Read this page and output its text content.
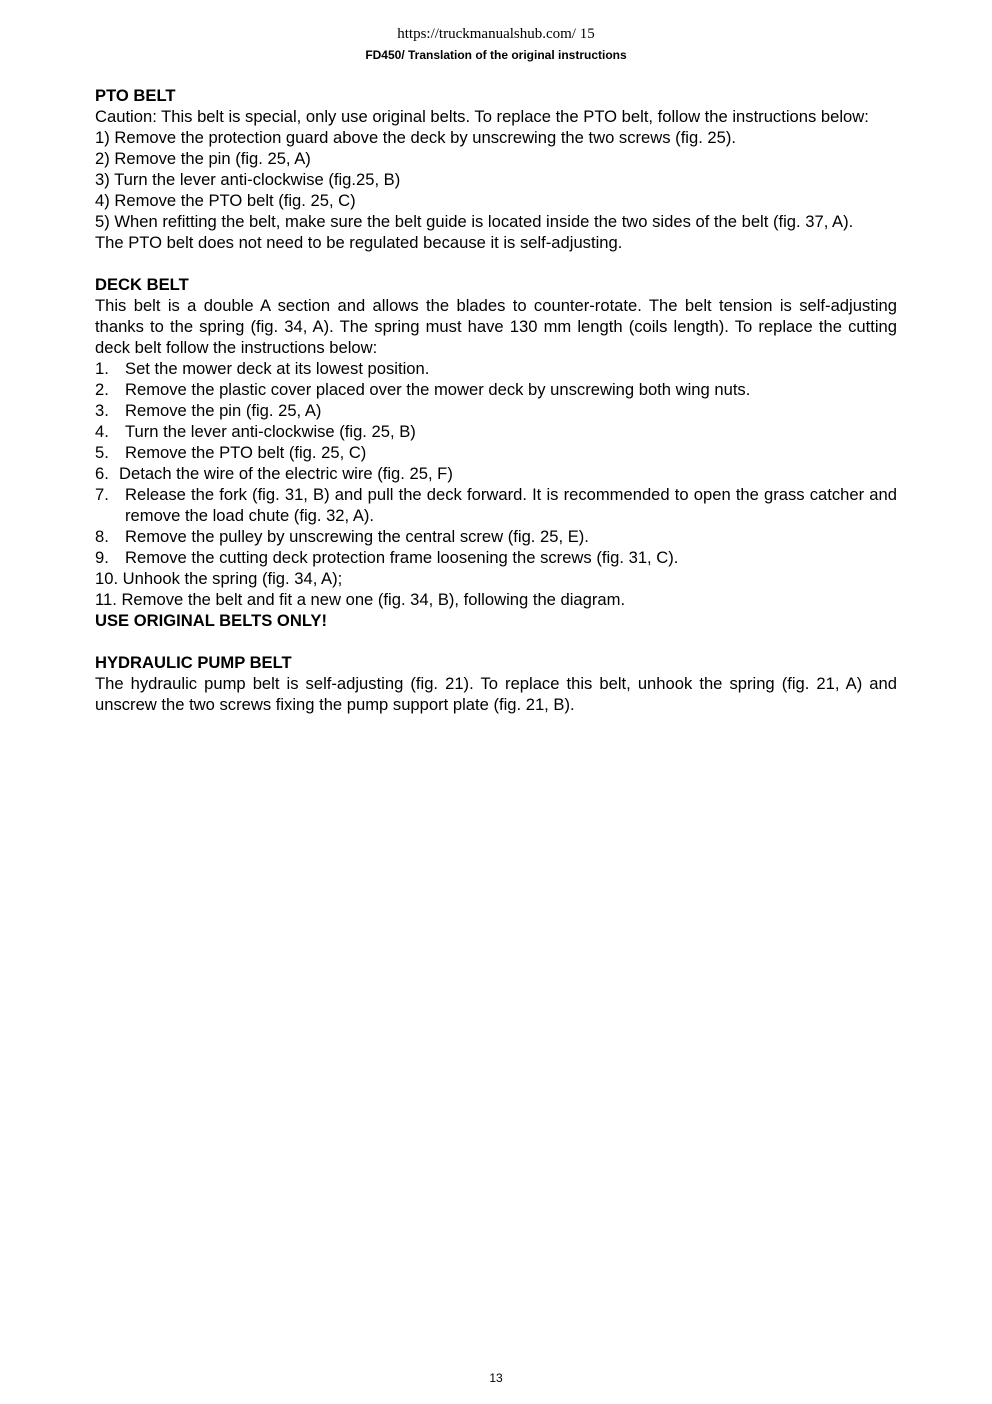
https://truckmanualshub.com/ 15
FD450/ Translation of the original instructions

PTO BELT

Caution: This belt is special, only use original belts. To replace the PTO belt, follow the instructions below:

1) Remove the protection guard above the deck by unscrewing the two screws (fig. 25).

2) Remove the pin (fig. 25, A)

3) Turn the lever anti-clockwise (fig.25, B)

4) Remove the PTO belt (fig. 25, C)

5) When refitting the belt, make sure the belt guide is located inside the two sides of the belt (fig. 37, A).

The PTO belt does not need to be regulated because it is self-adjusting.

DECK BELT

This belt is a double A section and allows the blades to counter-rotate. The belt tension is self-adjusting thanks to the spring (fig. 34, A). The spring must have 130 mm length (coils length). To replace the cutting deck belt follow the instructions below:

1. Set the mower deck at its lowest position.
2. Remove the plastic cover placed over the mower deck by unscrewing both wing nuts.
3. Remove the pin (fig. 25, A)
4. Turn the lever anti-clockwise (fig. 25, B)
5. Remove the PTO belt (fig. 25, C)
6. Detach the wire of the electric wire (fig. 25, F)
7. Release the fork (fig. 31, B) and pull the deck forward. It is recommended to open the grass catcher and remove the load chute (fig. 32, A).
8. Remove the pulley by unscrewing the central screw (fig. 25, E).
9. Remove the cutting deck protection frame loosening the screws (fig. 31, C).

10. Unhook the spring (fig. 34, A);

11. Remove the belt and fit a new one (fig. 34, B), following the diagram.

USE ORIGINAL BELTS ONLY!

HYDRAULIC PUMP BELT

The hydraulic pump belt is self-adjusting (fig. 21). To replace this belt, unhook the spring (fig. 21, A) and unscrew the two screws fixing the pump support plate (fig. 21, B).

13
